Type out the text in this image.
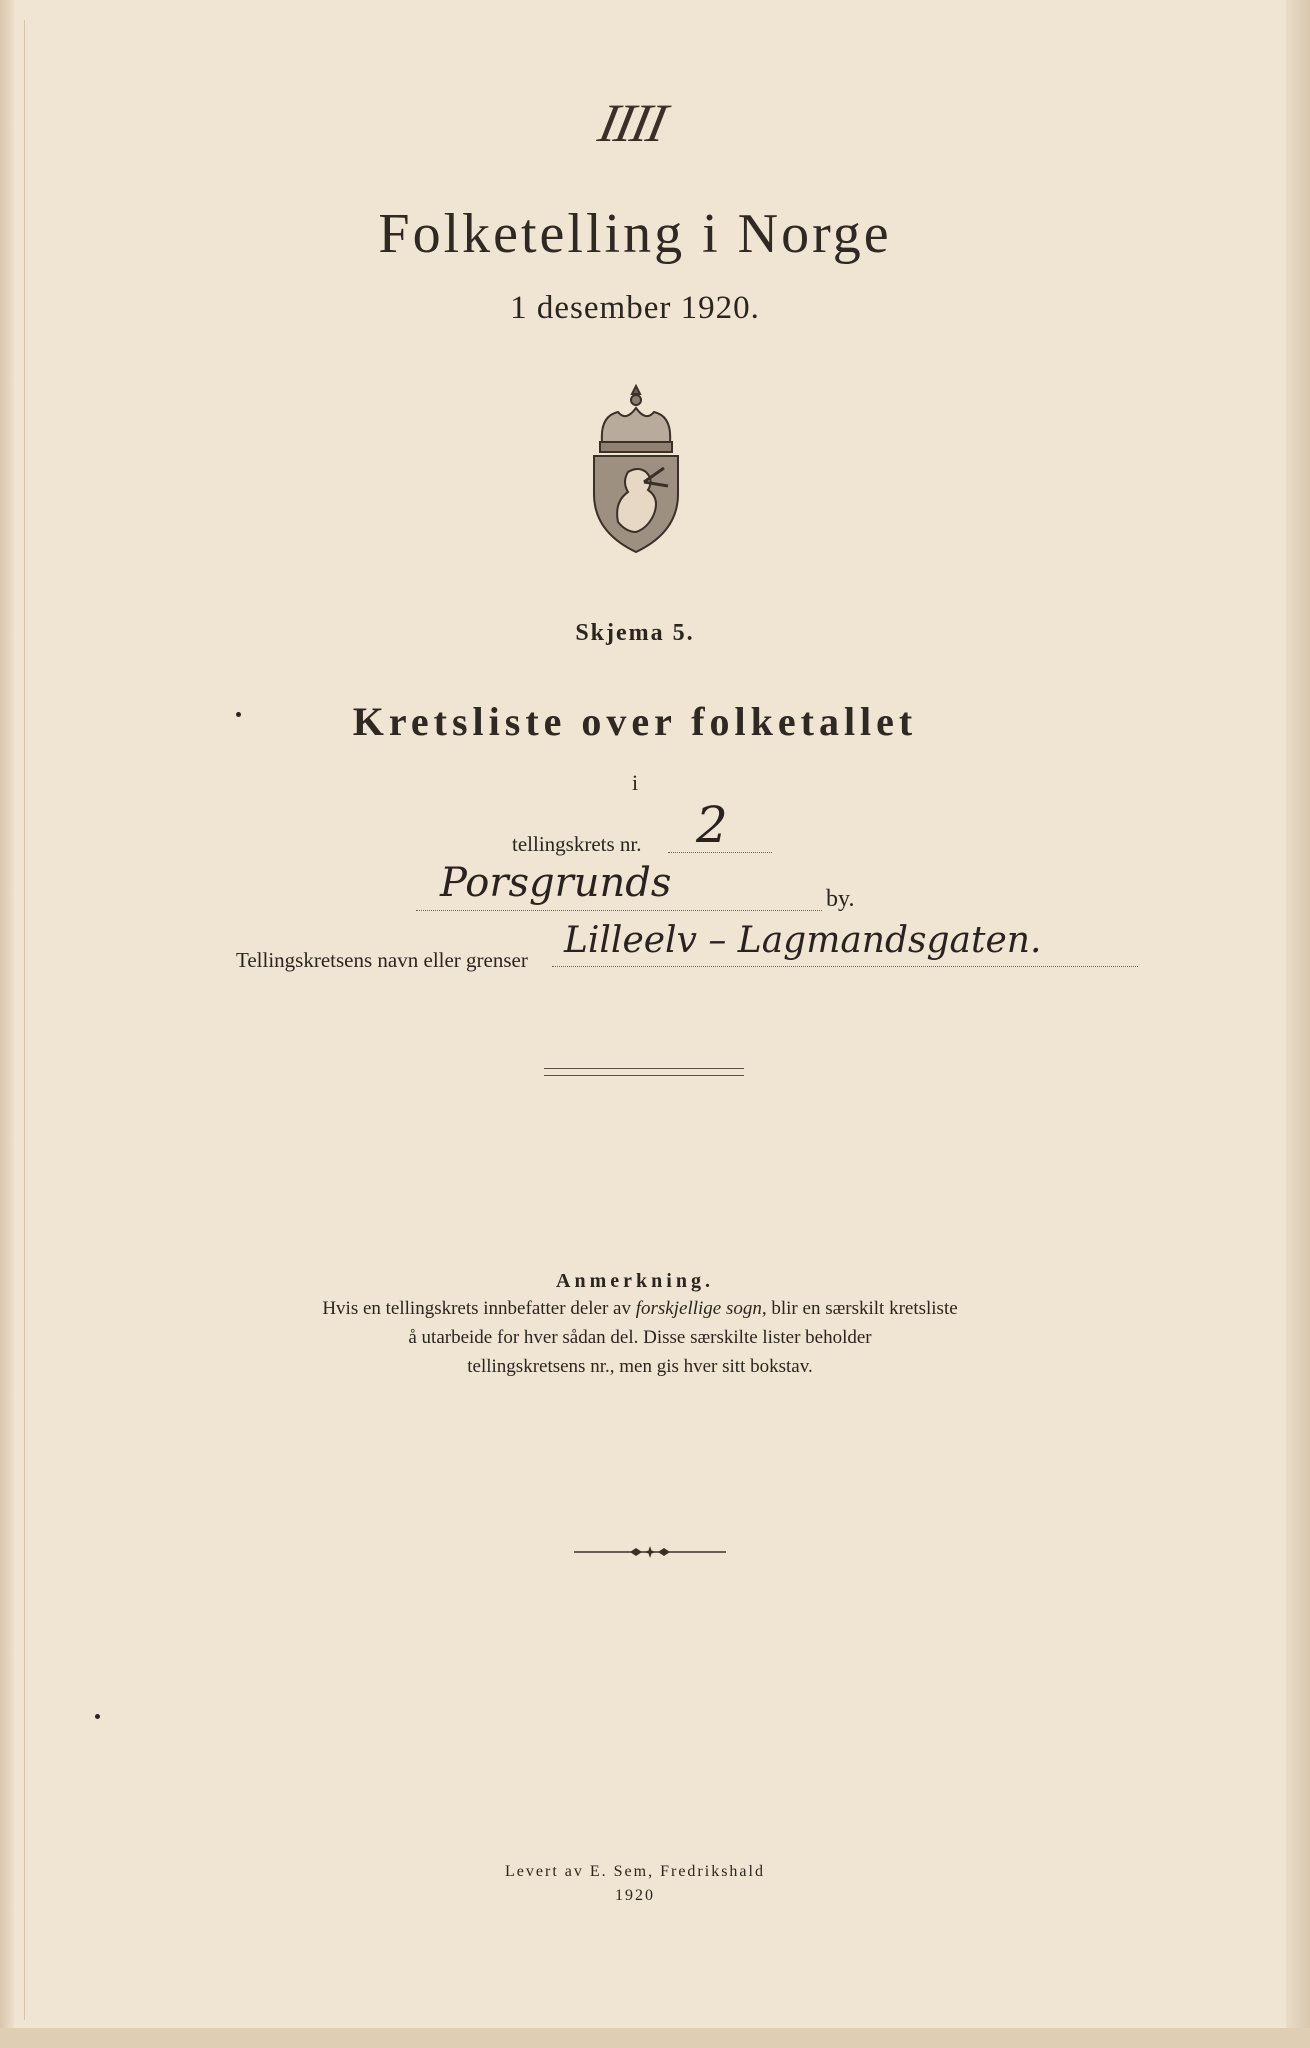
IIII
Folketelling i Norge
1 desember 1920.
Skjema 5.
Kretsliste over folketallet
i
tellingskrets nr. 2
Porsgrunds	by.
Tellingskretsens navn eller grenser Lilleelv – Lagmandsgaten.
Anmerkning.
Hvis en tellingskrets innbefatter deler av forskjellige sogn, blir en særskilt kretsliste
å utarbeide for hver sådan del. Disse særskilte lister beholder
tellingskretsens nr., men gis hver sitt bokstav.
Levert av E. Sem, Fredrikshald
1920
